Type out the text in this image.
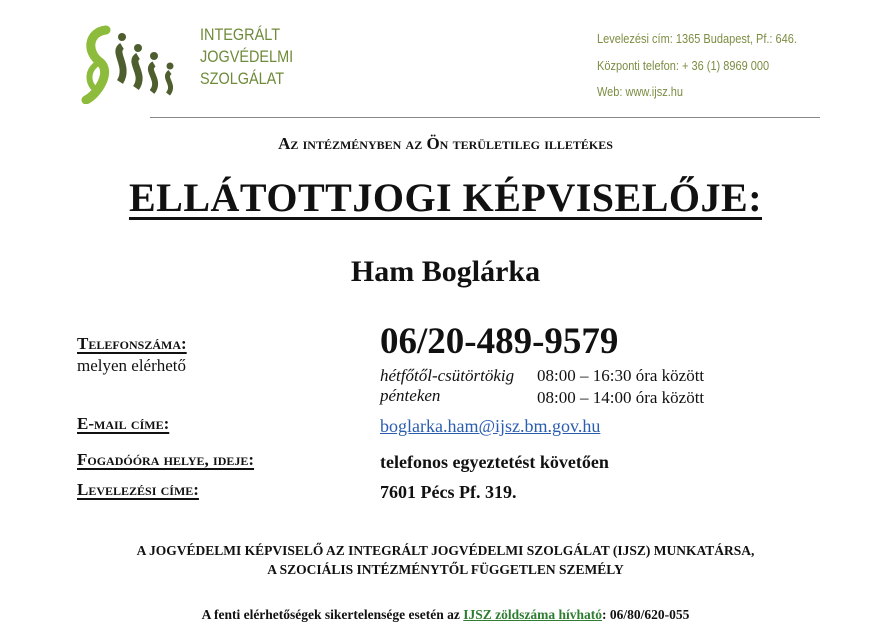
INTEGRÁLT
JOGVÉDELMI
SZOLGÁLAT
Levelezési cím: 1365 Budapest, Pf.: 646.
Központi telefon: + 36 (1) 8969 000
Web: www.ijsz.hu
Az intézményben az Ön területileg illetékes
ELLÁTOTTJOGI KÉPVISELŐJE:
Ham Boglárka
Telefonszáma:	06/20-489-9579
melyen elérhető
hétfőtől-csütörtökig 08:00 – 16:30 óra között
pénteken	08:00 – 14:00 óra között
E-mail címe:	boglarka.ham@ijsz.bm.gov.hu
Fogadóóra helye, ideje:	telefonos egyeztetést követően
Levelezési címe:	7601 Pécs Pf. 319.
A JOGVÉDELMI KÉPVISELŐ AZ INTEGRÁLT JOGVÉDELMI SZOLGÁLAT (IJSZ) MUNKATÁRSA,
A SZOCIÁLIS INTÉZMÉNYTŐL FÜGGETLEN SZEMÉLY
A fenti elérhetőségek sikertelensége esetén az IJSZ zöldszáma hívható: 06/80/620-055
